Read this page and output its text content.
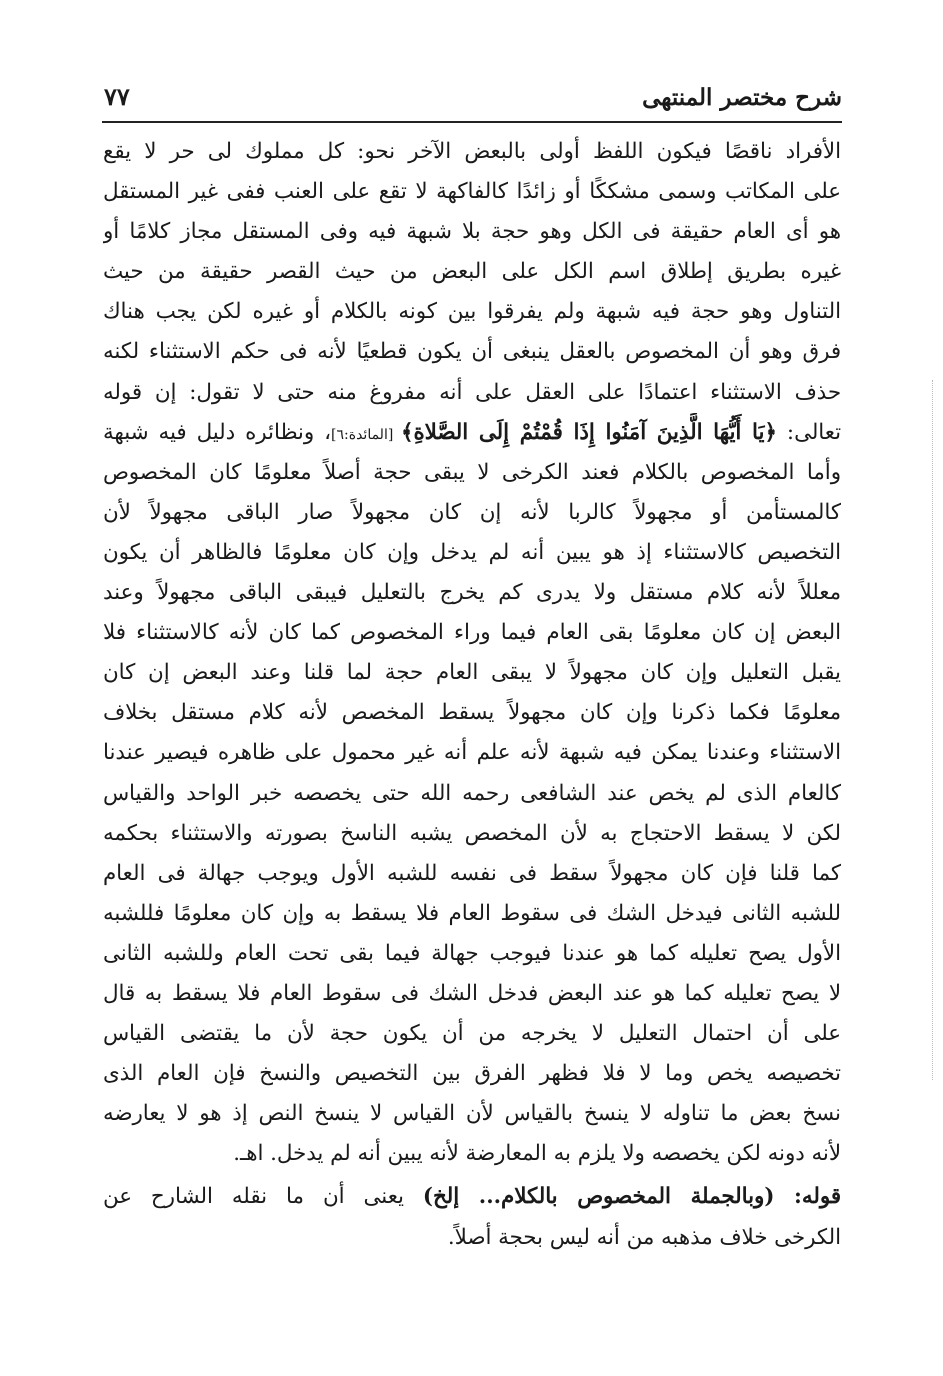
شرح مختصر المنتهى
٧٧
الأفراد ناقصًا فيكون اللفظ أولى بالبعض الآخر نحو: كل مملوك لى حر لا يقع
على المكاتب وسمى مشككًا أو زائدًا كالفاكهة لا تقع على العنب ففى غير المستقل
هو أى العام حقيقة فى الكل وهو حجة بلا شبهة فيه وفى المستقل مجاز كلامًا أو
غيره بطريق إطلاق اسم الكل على البعض من حيث القصر حقيقة من حيث
التناول وهو حجة فيه شبهة ولم يفرقوا بين كونه بالكلام أو غيره لكن يجب هناك
فرق وهو أن المخصوص بالعقل ينبغى أن يكون قطعيًا لأنه فى حكم الاستثناء لكنه
حذف الاستثناء اعتمادًا على العقل على أنه مفروغ منه حتى لا تقول: إن قوله
تعالى: ﴿يَا أَيُّهَا الَّذِينَ آمَنُوا إِذَا قُمْتُمْ إِلَى الصَّلاةِ﴾ [المائدة:٦]، ونظائره دليل فيه شبهة
وأما المخصوص بالكلام فعند الكرخى لا يبقى حجة أصلاً معلومًا كان المخصوص
كالمستأمن أو مجهولاً كالربا لأنه إن كان مجهولاً صار الباقى مجهولاً لأن
التخصيص كالاستثناء إذ هو يبين أنه لم يدخل وإن كان معلومًا فالظاهر أن يكون
معللاً لأنه كلام مستقل ولا يدرى كم يخرج بالتعليل فيبقى الباقى مجهولاً وعند
البعض إن كان معلومًا بقى العام فيما وراء المخصوص كما كان لأنه كالاستثناء فلا
يقبل التعليل وإن كان مجهولاً لا يبقى العام حجة لما قلنا وعند البعض إن كان
معلومًا فكما ذكرنا وإن كان مجهولاً يسقط المخصص لأنه كلام مستقل بخلاف
الاستثناء وعندنا يمكن فيه شبهة لأنه علم أنه غير محمول على ظاهره فيصير عندنا
كالعام الذى لم يخص عند الشافعى رحمه الله حتى يخصصه خبر الواحد والقياس
لكن لا يسقط الاحتجاج به لأن المخصص يشبه الناسخ بصورته والاستثناء بحكمه
كما قلنا فإن كان مجهولاً سقط فى نفسه للشبه الأول ويوجب جهالة فى العام
للشبه الثانى فيدخل الشك فى سقوط العام فلا يسقط به وإن كان معلومًا فللشبه
الأول يصح تعليله كما هو عندنا فيوجب جهالة فيما بقى تحت العام وللشبه الثانى
لا يصح تعليله كما هو عند البعض فدخل الشك فى سقوط العام فلا يسقط به قال
على أن احتمال التعليل لا يخرجه من أن يكون حجة لأن ما يقتضى القياس
تخصيصه يخص وما لا فلا فظهر الفرق بين التخصيص والنسخ فإن العام الذى
نسخ بعض ما تناوله لا ينسخ بالقياس لأن القياس لا ينسخ النص إذ هو لا يعارضه
لأنه دونه لكن يخصصه ولا يلزم به المعارضة لأنه يبين أنه لم يدخل. اهـ.
قوله: (وبالجملة المخصوص بالكلام... إلخ) يعنى أن ما نقله الشارح عن
الكرخى خلاف مذهبه من أنه ليس بحجة أصلاً.
